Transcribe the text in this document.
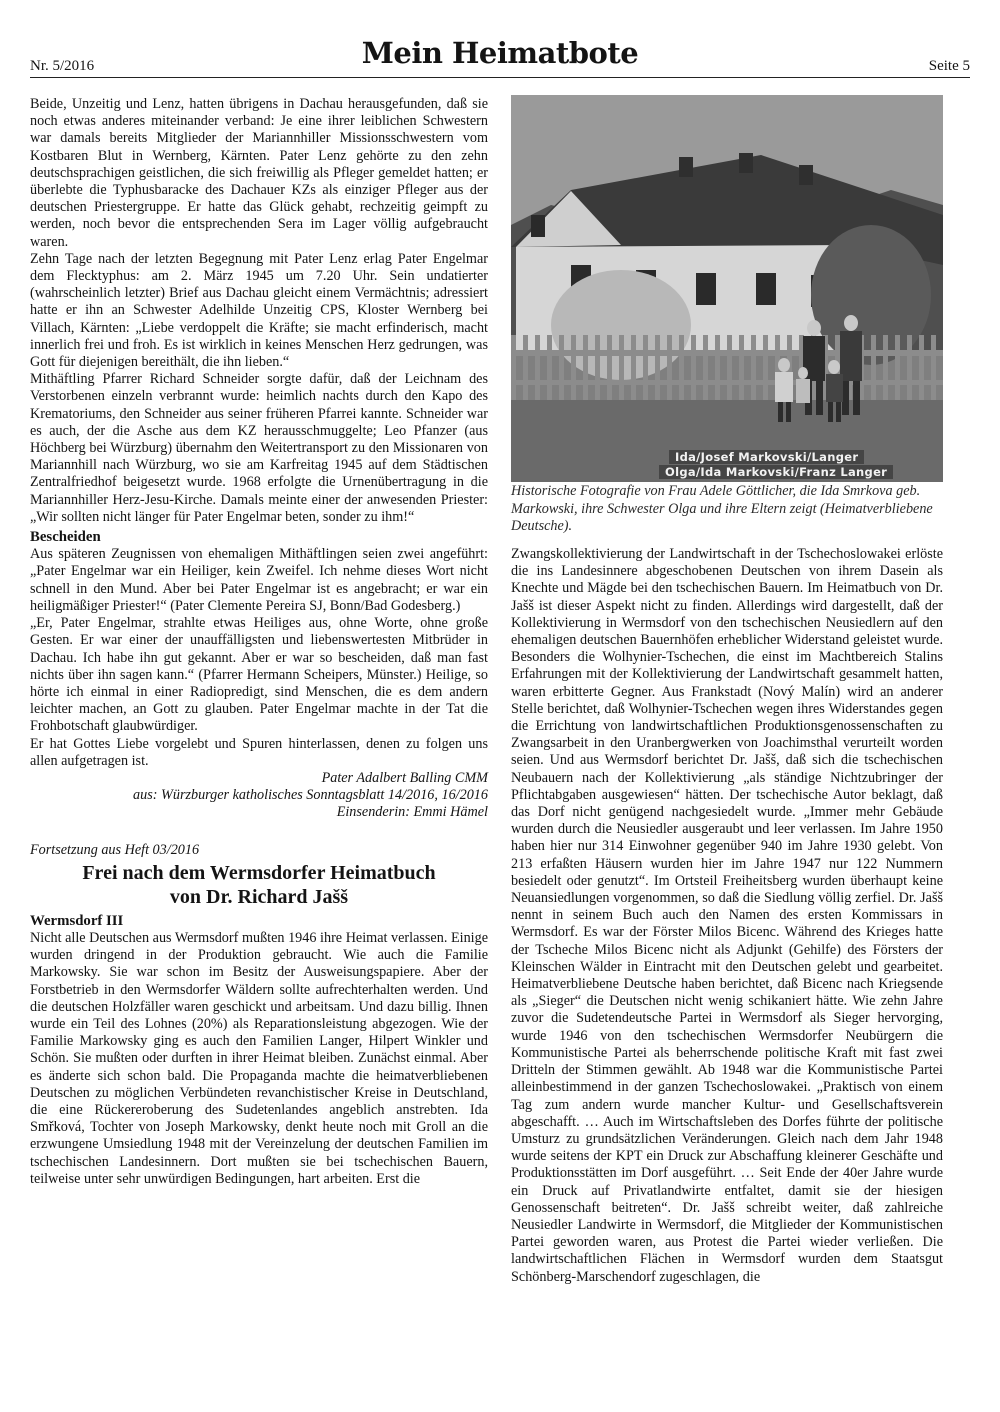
Nr. 5/2016	Mein Heimatbote	Seite 5

Beide, Unzeitig und Lenz, hatten übrigens in Dachau herausgefunden, daß sie noch etwas anderes miteinander verband: Je eine ihrer leiblichen Schwestern war damals bereits Mitglieder der Mariannhiller Missionsschwestern vom Kostbaren Blut in Wernberg, Kärnten. Pater Lenz gehörte zu den zehn deutschsprachigen geistlichen, die sich freiwillig als Pfleger gemeldet hatten; er überlebte die Typhusbaracke des Dachauer KZs als einziger Pfleger aus der deutschen Priestergruppe. Er hatte das Glück gehabt, rechzeitig geimpft zu werden, noch bevor die entsprechenden Sera im Lager völlig aufgebraucht waren.

Zehn Tage nach der letzten Begegnung mit Pater Lenz erlag Pater Engelmar dem Flecktyphus: am 2. März 1945 um 7.20 Uhr. Sein undatierter (wahrscheinlich letzter) Brief aus Dachau gleicht einem Vermächtnis; adressiert hatte er ihn an Schwester Adelhilde Unzeitig CPS, Kloster Wernberg bei Villach, Kärnten: „Liebe verdoppelt die Kräfte; sie macht erfinderisch, macht innerlich frei und froh. Es ist wirklich in keines Menschen Herz gedrungen, was Gott für diejenigen bereithält, die ihn lieben.“

Mithäftling Pfarrer Richard Schneider sorgte dafür, daß der Leichnam des Verstorbenen einzeln verbrannt wurde: heimlich nachts durch den Kapo des Krematoriums, den Schneider aus seiner früheren Pfarrei kannte. Schneider war es auch, der die Asche aus dem KZ herausschmuggelte; Leo Pfanzer (aus Höchberg bei Würzburg) übernahm den Weitertransport zu den Missionaren von Mariannhill nach Würzburg, wo sie am Karfreitag 1945 auf dem Städtischen Zentralfriedhof beigesetzt wurde. 1968 erfolgte die Urnenübertragung in die Mariannhiller Herz-Jesu-Kirche. Damals meinte einer der anwesenden Priester: „Wir sollten nicht länger für Pater Engelmar beten, sonder zu ihm!“

Bescheiden

Aus späteren Zeugnissen von ehemaligen Mithäftlingen seien zwei angeführt: „Pater Engelmar war ein Heiliger, kein Zweifel. Ich nehme dieses Wort nicht schnell in den Mund. Aber bei Pater Engelmar ist es angebracht; er war ein heiligmäßiger Priester!“ (Pater Clemente Pereira SJ, Bonn/Bad Godesberg.)

„Er, Pater Engelmar, strahlte etwas Heiliges aus, ohne Worte, ohne große Gesten. Er war einer der unauffälligsten und liebenswertesten Mitbrüder in Dachau. Ich habe ihn gut gekannt. Aber er war so bescheiden, daß man fast nichts über ihn sagen kann.“ (Pfarrer Hermann Scheipers, Münster.) Heilige, so hörte ich einmal in einer Radiopredigt, sind Menschen, die es dem andern leichter machen, an Gott zu glauben. Pater Engelmar machte in der Tat die Frohbotschaft glaubwürdiger.

Er hat Gottes Liebe vorgelebt und Spuren hinterlassen, denen zu folgen uns allen aufgetragen ist.

Pater Adalbert Balling CMM

aus: Würzburger katholisches Sonntagsblatt 14/2016, 16/2016

Einsenderin: Emmi Hämel

Fortsetzung aus Heft 03/2016

Frei nach dem Wermsdorfer Heimatbuch
von Dr. Richard Jašš
Wermsdorf III

Nicht alle Deutschen aus Wermsdorf mußten 1946 ihre Heimat verlassen. Einige wurden dringend in der Produktion gebraucht. Wie auch die Familie Markowsky. Sie war schon im Besitz der Ausweisungspapiere. Aber der Forstbetrieb in den Wermsdorfer Wäldern sollte aufrechterhalten werden. Und die deutschen Holzfäller waren geschickt und arbeitsam. Und dazu billig. Ihnen wurde ein Teil des Lohnes (20%) als Reparationsleistung abgezogen. Wie der Familie Markowsky ging es auch den Familien Langer, Hilpert Winkler und Schön. Sie mußten oder durften in ihrer Heimat bleiben. Zunächst einmal. Aber es änderte sich schon bald. Die Propaganda machte die heimatverbliebenen Deutschen zu möglichen Verbündeten revanchistischer Kreise in Deutschland, die eine Rückereroberung des Sudetenlandes angeblich anstrebten. Ida Smřková, Tochter von Joseph Markowsky, denkt heute noch mit Groll an die erzwungene Umsiedlung 1948 mit der Vereinzelung der deutschen Familien im tschechischen Landesinnern. Dort mußten sie bei tschechischen Bauern, teilweise unter sehr unwürdigen Bedingungen, hart arbeiten. Erst die

Ida/Josef Markovski/Langer
Olga/Ida Markovski/Franz Langer
Historische Fotografie von Frau Adele Göttlicher, die Ida Smrkova geb. Markowski, ihre Schwester Olga und ihre Eltern zeigt (Heimatverbliebene Deutsche).

Zwangskollektivierung der Landwirtschaft in der Tschechoslowakei erlöste die ins Landesinnere abgeschobenen Deutschen von ihrem Dasein als Knechte und Mägde bei den tschechischen Bauern. Im Heimatbuch von Dr. Jašš ist dieser Aspekt nicht zu finden. Allerdings wird dargestellt, daß der Kollektivierung in Wermsdorf von den tschechischen Neusiedlern auf den ehemaligen deutschen Bauernhöfen erheblicher Widerstand geleistet wurde. Besonders die Wolhynier-Tschechen, die einst im Machtbereich Stalins Erfahrungen mit der Kollektivierung der Landwirtschaft gesammelt hatten, waren erbitterte Gegner. Aus Frankstadt (Nový Malín) wird an anderer Stelle berichtet, daß Wolhynier-Tschechen wegen ihres Widerstandes gegen die Errichtung von landwirtschaftlichen Produktionsgenossenschaften zu Zwangsarbeit in den Uranbergwerken von Joachimsthal verurteilt worden seien. Und aus Wermsdorf berichtet Dr. Jašš, daß sich die tschechischen Neubauern nach der Kollektivierung „als ständige Nichtzubringer der Pflichtabgaben ausgewiesen“ hätten. Der tschechische Autor beklagt, daß das Dorf nicht genügend nachgesiedelt wurde. „Immer mehr Gebäude wurden durch die Neusiedler ausgeraubt und leer verlassen. Im Jahre 1950 haben hier nur 314 Einwohner gegenüber 940 im Jahre 1930 gelebt. Von 213 erfaßten Häusern wurden hier im Jahre 1947 nur 122 Nummern besiedelt oder genutzt“. Im Ortsteil Freiheitsberg wurden überhaupt keine Neuansiedlungen vorgenommen, so daß die Siedlung völlig zerfiel. Dr. Jašš nennt in seinem Buch auch den Namen des ersten Kommissars in Wermsdorf. Es war der Förster Milos Bicenc. Während des Krieges hatte der Tscheche Milos Bicenc nicht als Adjunkt (Gehilfe) des Försters der Kleinschen Wälder in Eintracht mit den Deutschen gelebt und gearbeitet. Heimatverbliebene Deutsche haben berichtet, daß Bicenc nach Kriegsende als „Sieger“ die Deutschen nicht wenig schikaniert hätte. Wie zehn Jahre zuvor die Sudetendeutsche Partei in Wermsdorf als Sieger hervorging, wurde 1946 von den tschechischen Wermsdorfer Neubürgern die Kommunistische Partei als beherrschende politische Kraft mit fast zwei Dritteln der Stimmen gewählt. Ab 1948 war die Kommunistische Partei alleinbestimmend in der ganzen Tschechoslowakei. „Praktisch von einem Tag zum andern wurde mancher Kultur- und Gesellschaftsverein abgeschafft. … Auch im Wirtschaftsleben des Dorfes führte der politische Umsturz zu grundsätzlichen Veränderungen. Gleich nach dem Jahr 1948 wurde seitens der KPT ein Druck zur Abschaffung kleinerer Geschäfte und Produktionsstätten im Dorf ausgeführt. … Seit Ende der 40er Jahre wurde ein Druck auf Privatlandwirte entfaltet, damit sie der hiesigen Genossenschaft beitreten“. Dr. Jašš schreibt weiter, daß zahlreiche Neusiedler Landwirte in Wermsdorf, die Mitglieder der Kommunistischen Partei geworden waren, aus Protest die Partei wieder verließen. Die landwirtschaftlichen Flächen in Wermsdorf wurden dem Staatsgut Schönberg-Marschendorf zugeschlagen, die
